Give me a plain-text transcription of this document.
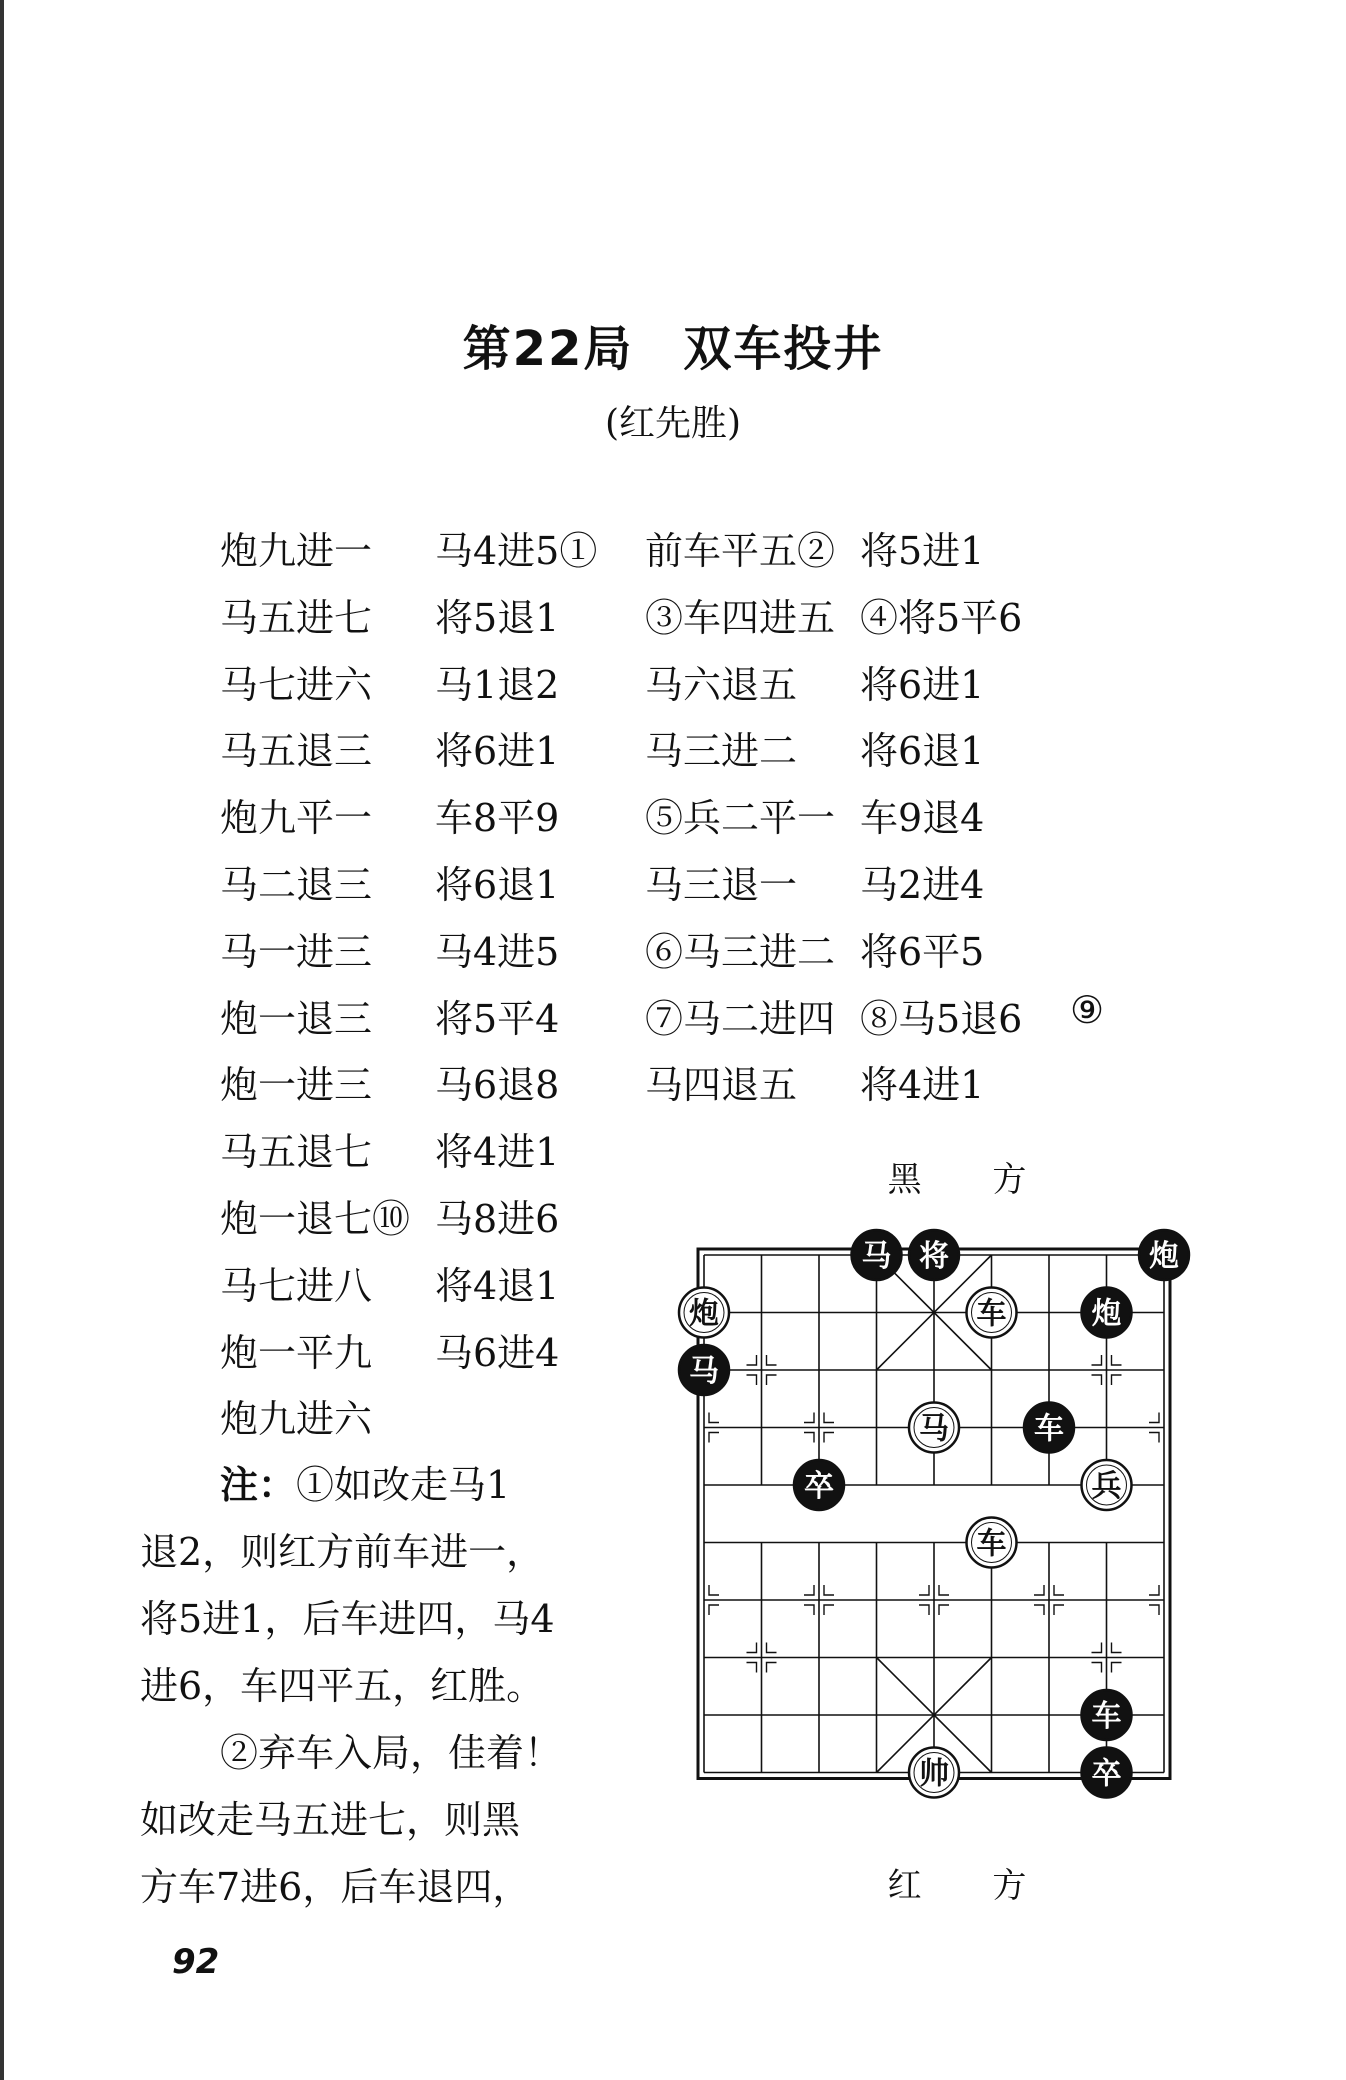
第22局 双车投井
(红先胜)
炮九进一 马4进5① 前车平五② 将5进1
马五进七 将5退1 ③车四进五 ④将5平6
马七进六 马1退2 马六退五 将6进1
马五退三 将6进1 马三进二 将6退1
炮九平一 车8平9 ⑤兵二平一 车9退4
马二退三 将6退1 马三退一 马2进4
马一进三 马4进5 ⑥马三进二 将6平5
炮一退三 将5平4 ⑦马二进四 ⑧马5退6 ⑨
炮一进三 马6退8 马四退五 将4进1
马五退七 将4进1
炮一退七⑩ 马8进6
马七进八 将4退1
炮一平九 马6进4
炮九进六

注：①如改走马1

退2，则红方前车进一，

将5进1，后车进四，马4

进6，车四平五，红胜。

②弃车入局，佳着！

如改走马五进七，则黑

方车7进6，后车退四，

黑 方
马 将	炮
炮	车	炮
马
马	车
卒	兵
车
车
帅	卒
红 方
92
